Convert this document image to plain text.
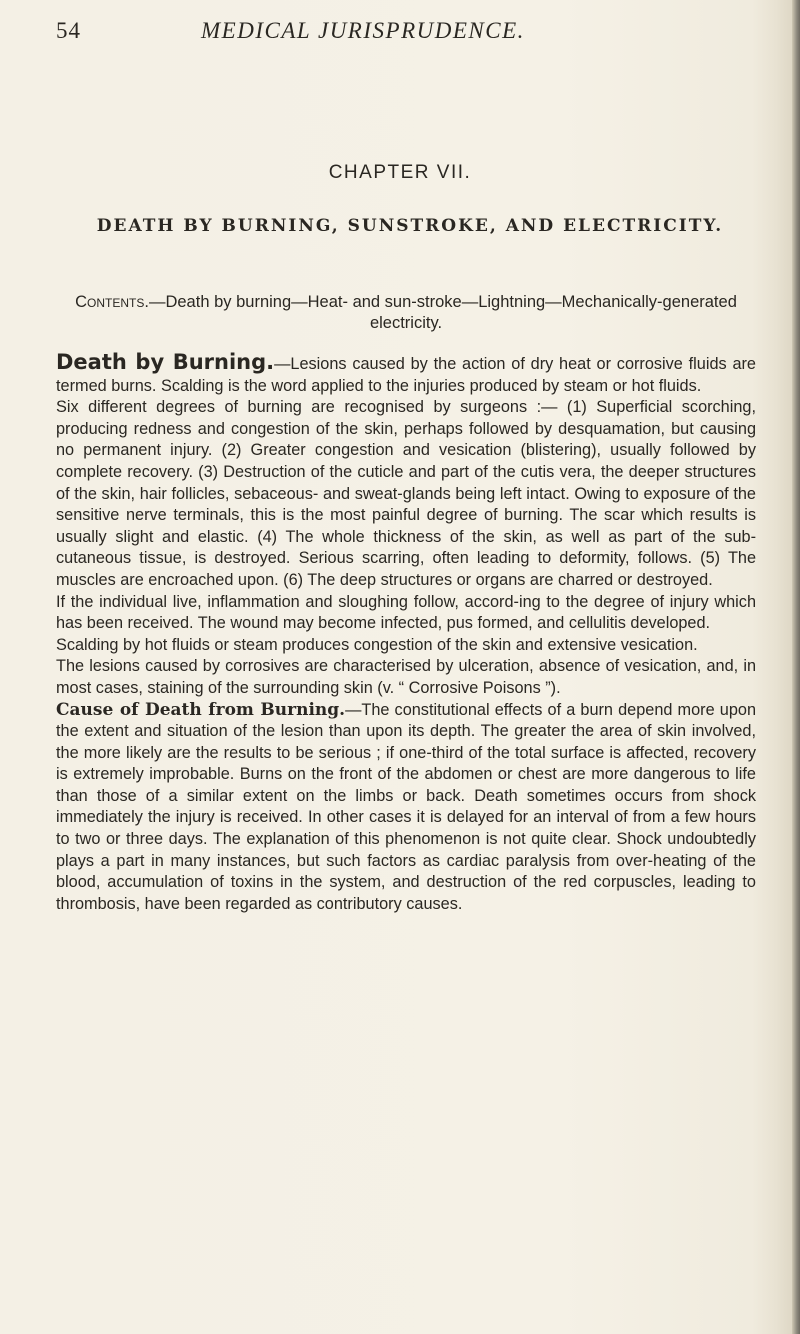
54	MEDICAL JURISPRUDENCE.
CHAPTER VII.
DEATH BY BURNING, SUNSTROKE, AND ELECTRICITY.
Contents.—Death by burning—Heat- and sun-stroke—Lightning—Mechanically-generated electricity.

Death by Burning.—Lesions caused by the action of dry heat or corrosive fluids are termed burns. Scalding is the word applied to the injuries produced by steam or hot fluids.

Six different degrees of burning are recognised by surgeons :— (1) Superficial scorching, producing redness and congestion of the skin, perhaps followed by desquamation, but causing no permanent injury. (2) Greater congestion and vesication (blistering), usually followed by complete recovery. (3) Destruction of the cuticle and part of the cutis vera, the deeper structures of the skin, hair follicles, sebaceous- and sweat-glands being left intact. Owing to exposure of the sensitive nerve terminals, this is the most painful degree of burning. The scar which results is usually slight and elastic. (4) The whole thickness of the skin, as well as part of the sub-cutaneous tissue, is destroyed. Serious scarring, often leading to deformity, follows. (5) The muscles are encroached upon. (6) The deep structures or organs are charred or destroyed.

If the individual live, inflammation and sloughing follow, accord-ing to the degree of injury which has been received. The wound may become infected, pus formed, and cellulitis developed.

Scalding by hot fluids or steam produces congestion of the skin and extensive vesication.

The lesions caused by corrosives are characterised by ulceration, absence of vesication, and, in most cases, staining of the surrounding skin (v. “ Corrosive Poisons ”).

Cause of Death from Burning.—The constitutional effects of a burn depend more upon the extent and situation of the lesion than upon its depth. The greater the area of skin involved, the more likely are the results to be serious ; if one-third of the total surface is affected, recovery is extremely improbable. Burns on the front of the abdomen or chest are more dangerous to life than those of a similar extent on the limbs or back. Death sometimes occurs from shock immediately the injury is received. In other cases it is delayed for an interval of from a few hours to two or three days. The explanation of this phenomenon is not quite clear. Shock undoubtedly plays a part in many instances, but such factors as cardiac paralysis from over-heating of the blood, accumulation of toxins in the system, and destruction of the red corpuscles, leading to thrombosis, have been regarded as contributory causes.
